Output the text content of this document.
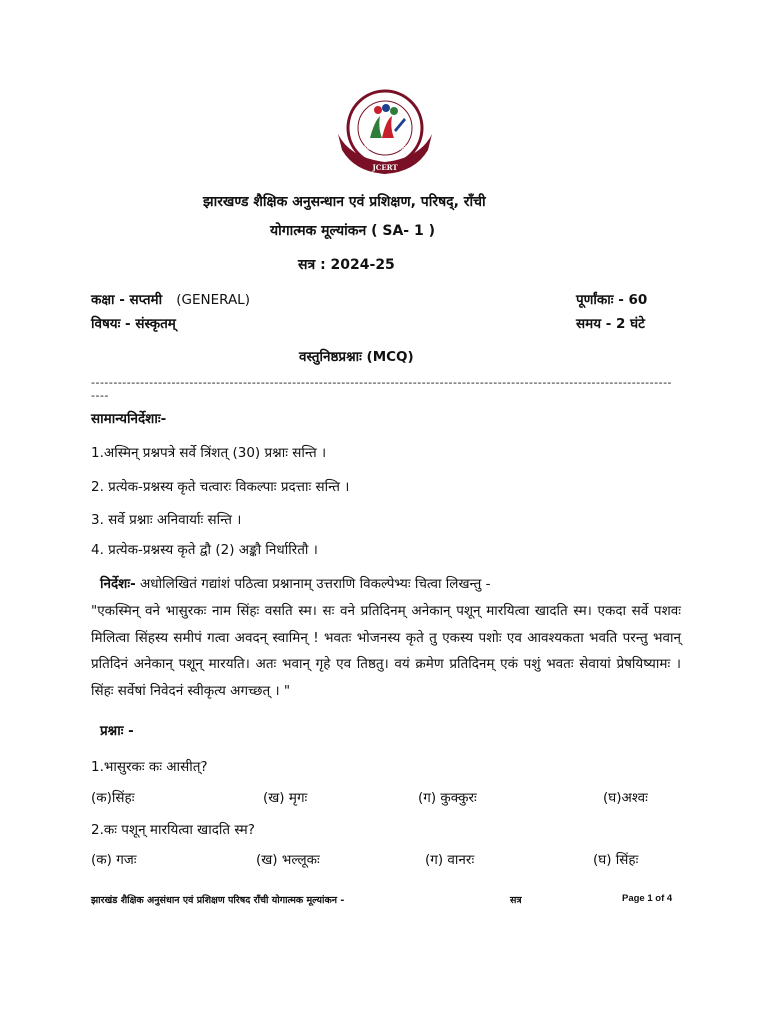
मानवीयता ज्ञान सत्कर्म
JCERT
झारखण्ड शैक्षिक अनुसन्धान एवं प्रशिक्षण, परिषद्, राँची
योगात्मक मूल्यांकन ( SA- 1 )
सत्र : 2024-25
कक्षा - सप्तमी (GENERAL)	पूर्णांकाः - 60
विषयः - संस्कृतम्	समय - 2 घंटे
वस्तुनिष्ठप्रश्नाः (MCQ)
--------------------------------------------------------------------------------------------------------------------------------------
सामान्यनिर्देशाः-
1.अस्मिन् प्रश्नपत्रे सर्वे त्रिंशत् (30) प्रश्नाः सन्ति ।
2. प्रत्येक-प्रश्नस्य कृते चत्वारः विकल्पाः प्रदत्ताः सन्ति ।
3. सर्वे प्रश्नाः अनिवार्याः सन्ति ।
4. प्रत्येक-प्रश्नस्य कृते द्वौ (2) अङ्कौ निर्धारितौ ।
निर्देशः- अधोलिखितं गद्यांशं पठित्वा प्रश्नानाम् उत्तराणि विकल्पेभ्यः चित्वा लिखन्तु -
"एकस्मिन् वने भासुरकः नाम सिंहः वसति स्म। सः वने प्रतिदिनम् अनेकान् पशून् मारयित्वा खादति स्म। एकदा सर्वे पशवः मिलित्वा सिंहस्य समीपं गत्वा अवदन् स्वामिन् ! भवतः भोजनस्य कृते तु एकस्य पशोः एव आवश्यकता भवति परन्तु भवान् प्रतिदिनं अनेकान् पशून् मारयति। अतः भवान् गृहे एव तिष्ठतु। वयं क्रमेण प्रतिदिनम् एकं पशुं भवतः सेवायां प्रेषयिष्यामः । सिंहः सर्वेषां निवेदनं स्वीकृत्य अगच्छत् । "
प्रश्नाः -
1.भासुरकः कः आसीत्?
(क)सिंहः	(ख) मृगः	(ग) कुक्कुरः	(घ)अश्वः
2.कः पशून् मारयित्वा खादति स्म?
(क) गजः	(ख) भल्लूकः	(ग) वानरः	(घ) सिंहः
झारखंड शैक्षिक अनुसंधान एवं प्रशिक्षण परिषद राँची योगात्मक मूल्यांकन -	सत्र	Page 1 of 4
